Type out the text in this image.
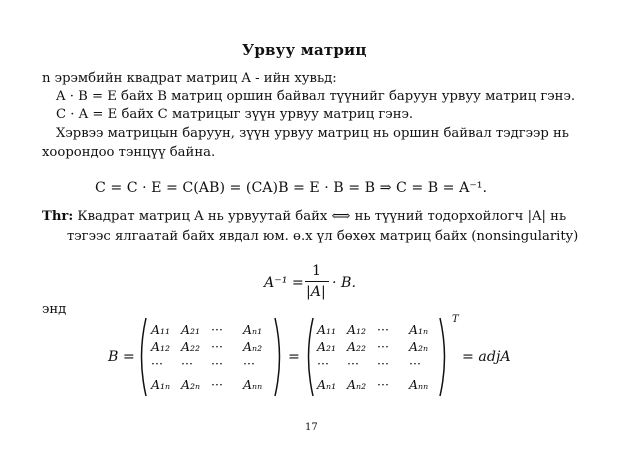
Урвуу матриц
n эрэмбийн квадрат матриц A - ийн хувьд:
A · B = E байх B матриц оршин байвал түүнийг баруун урвуу матриц гэнэ.
C · A = E байх C матрицыг зүүн урвуу матриц гэнэ.
Хэрвээ матрицын баруун, зүүн урвуу матриц нь оршин байвал тэдгээр нь
хоорондоо тэнцүү байна.
C = C · E = C(AB) = (CA)B = E · B = B ⇒ C = B = A⁻¹.
Thr: Квадрат матриц A нь урвуутай байх ⟺ нь түүний тодорхойлогч |A| нь
тэгээс ялгаатай байх явдал юм. ө.х үл бөхөх матриц байх (nonsingularity)
A⁻¹ =
1
|A|
· B.
энд
B =
A₁₁ A₂₁ ··· Aₙ₁
A₁₂ A₂₂ ··· Aₙ₂
··· ··· ··· ···
A₁ₙ A₂ₙ ··· Aₙₙ
=
A₁₁ A₁₂ ··· A₁ₙ
A₂₁ A₂₂ ··· A₂ₙ
··· ··· ··· ···
Aₙ₁ Aₙ₂ ··· Aₙₙ
T
= adjA
17
